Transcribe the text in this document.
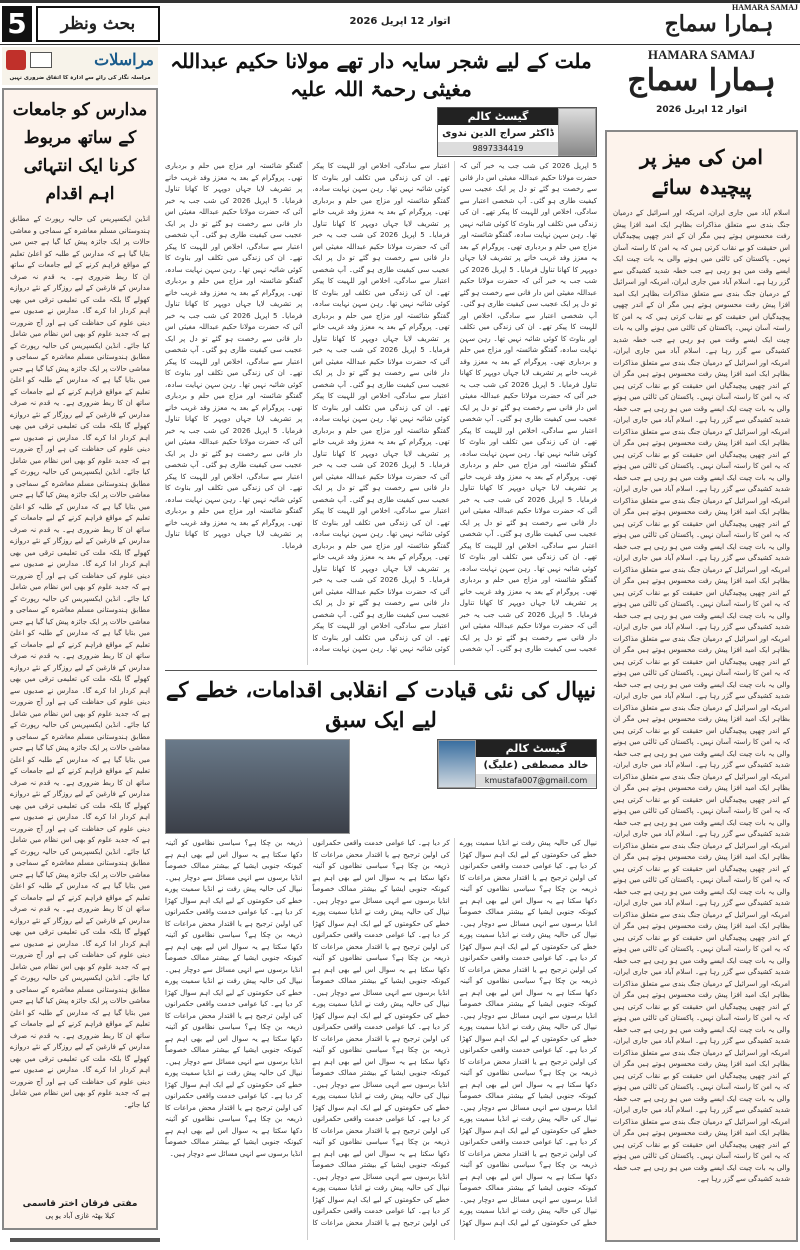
5	بحث ونظر	اتوار 12 اپریل 2026
HAMARA SAMAJ
ہمارا سماج
مراسلات
مراسلہ نگار کی رائے سے ادارہ کا اتفاق ضروری نہیں
مدارس کو جامعات کے ساتھ مربوط کرنا ایک انتہائی اہم اقدام
انڈین ایکسپریس کی حالیہ رپورٹ کے مطابق ہندوستانی مسلم معاشرہ کے سماجی و معاشی حالات پر ایک جائزہ پیش کیا گیا ہے جس میں بتایا گیا ہے کہ مدارس کے طلبہ کو اعلیٰ تعلیم کے مواقع فراہم کرنے کے لیے جامعات کے ساتھ ان کا ربط ضروری ہے۔ یہ قدم نہ صرف مدارس کے فارغین کے لیے روزگار کے نئے دروازے کھولے گا بلکہ ملت کی تعلیمی ترقی میں بھی اہم کردار ادا کرے گا۔ مدارس نے صدیوں سے دینی علوم کی حفاظت کی ہے اور آج ضرورت ہے کہ جدید علوم کو بھی اس نظام میں شامل کیا جائے۔ انڈین ایکسپریس کی حالیہ رپورٹ کے مطابق ہندوستانی مسلم معاشرہ کے سماجی و معاشی حالات پر ایک جائزہ پیش کیا گیا ہے جس میں بتایا گیا ہے کہ مدارس کے طلبہ کو اعلیٰ تعلیم کے مواقع فراہم کرنے کے لیے جامعات کے ساتھ ان کا ربط ضروری ہے۔ یہ قدم نہ صرف مدارس کے فارغین کے لیے روزگار کے نئے دروازے کھولے گا بلکہ ملت کی تعلیمی ترقی میں بھی اہم کردار ادا کرے گا۔ مدارس نے صدیوں سے دینی علوم کی حفاظت کی ہے اور آج ضرورت ہے کہ جدید علوم کو بھی اس نظام میں شامل کیا جائے۔ انڈین ایکسپریس کی حالیہ رپورٹ کے مطابق ہندوستانی مسلم معاشرہ کے سماجی و معاشی حالات پر ایک جائزہ پیش کیا گیا ہے جس میں بتایا گیا ہے کہ مدارس کے طلبہ کو اعلیٰ تعلیم کے مواقع فراہم کرنے کے لیے جامعات کے ساتھ ان کا ربط ضروری ہے۔ یہ قدم نہ صرف مدارس کے فارغین کے لیے روزگار کے نئے دروازے کھولے گا بلکہ ملت کی تعلیمی ترقی میں بھی اہم کردار ادا کرے گا۔ مدارس نے صدیوں سے دینی علوم کی حفاظت کی ہے اور آج ضرورت ہے کہ جدید علوم کو بھی اس نظام میں شامل کیا جائے۔ انڈین ایکسپریس کی حالیہ رپورٹ کے مطابق ہندوستانی مسلم معاشرہ کے سماجی و معاشی حالات پر ایک جائزہ پیش کیا گیا ہے جس میں بتایا گیا ہے کہ مدارس کے طلبہ کو اعلیٰ تعلیم کے مواقع فراہم کرنے کے لیے جامعات کے ساتھ ان کا ربط ضروری ہے۔ یہ قدم نہ صرف مدارس کے فارغین کے لیے روزگار کے نئے دروازے کھولے گا بلکہ ملت کی تعلیمی ترقی میں بھی اہم کردار ادا کرے گا۔ مدارس نے صدیوں سے دینی علوم کی حفاظت کی ہے اور آج ضرورت ہے کہ جدید علوم کو بھی اس نظام میں شامل کیا جائے۔ انڈین ایکسپریس کی حالیہ رپورٹ کے مطابق ہندوستانی مسلم معاشرہ کے سماجی و معاشی حالات پر ایک جائزہ پیش کیا گیا ہے جس میں بتایا گیا ہے کہ مدارس کے طلبہ کو اعلیٰ تعلیم کے مواقع فراہم کرنے کے لیے جامعات کے ساتھ ان کا ربط ضروری ہے۔ یہ قدم نہ صرف مدارس کے فارغین کے لیے روزگار کے نئے دروازے کھولے گا بلکہ ملت کی تعلیمی ترقی میں بھی اہم کردار ادا کرے گا۔ مدارس نے صدیوں سے دینی علوم کی حفاظت کی ہے اور آج ضرورت ہے کہ جدید علوم کو بھی اس نظام میں شامل کیا جائے۔ انڈین ایکسپریس کی حالیہ رپورٹ کے مطابق ہندوستانی مسلم معاشرہ کے سماجی و معاشی حالات پر ایک جائزہ پیش کیا گیا ہے جس میں بتایا گیا ہے کہ مدارس کے طلبہ کو اعلیٰ تعلیم کے مواقع فراہم کرنے کے لیے جامعات کے ساتھ ان کا ربط ضروری ہے۔ یہ قدم نہ صرف مدارس کے فارغین کے لیے روزگار کے نئے دروازے کھولے گا بلکہ ملت کی تعلیمی ترقی میں بھی اہم کردار ادا کرے گا۔ مدارس نے صدیوں سے دینی علوم کی حفاظت کی ہے اور آج ضرورت ہے کہ جدید علوم کو بھی اس نظام میں شامل کیا جائے۔ انڈین ایکسپریس کی حالیہ رپورٹ کے مطابق ہندوستانی مسلم معاشرہ کے سماجی و معاشی حالات پر ایک جائزہ پیش کیا گیا ہے جس میں بتایا گیا ہے کہ مدارس کے طلبہ کو اعلیٰ تعلیم کے مواقع فراہم کرنے کے لیے جامعات کے ساتھ ان کا ربط ضروری ہے۔ یہ قدم نہ صرف مدارس کے فارغین کے لیے روزگار کے نئے دروازے کھولے گا بلکہ ملت کی تعلیمی ترقی میں بھی اہم کردار ادا کرے گا۔ مدارس نے صدیوں سے دینی علوم کی حفاظت کی ہے اور آج ضرورت ہے کہ جدید علوم کو بھی اس نظام میں شامل کیا جائے۔
مفتی فرقان اختر قاسمی
کیلا بھٹہ غازی آباد یو پی
ملت کے لیے شجر سایہ دار تھے مولانا حکیم عبداللہ مغیثی رحمۃ اللہ علیہ
گیسٹ کالم
ڈاکٹر سراج الدین ندوی
9897334419
5 اپریل 2026 کی شب جب یہ خبر آئی کہ حضرت مولانا حکیم عبداللہ مغیثی اس دار فانی سے رخصت ہو گئے تو دل پر ایک عجیب سی کیفیت طاری ہو گئی۔ آپ شخصی اعتبار سے سادگی، اخلاص اور للہیت کا پیکر تھے۔ ان کی زندگی میں تکلف اور بناوٹ کا کوئی شائبہ نہیں تھا۔ رہن سہن نہایت سادہ، گفتگو شائستہ اور مزاج میں حلم و بردباری تھی۔ پروگرام کے بعد یہ معزز وفد غریب خانے پر تشریف لایا جہاں دوپہر کا کھانا تناول فرمایا۔ 5 اپریل 2026 کی شب جب یہ خبر آئی کہ حضرت مولانا حکیم عبداللہ مغیثی اس دار فانی سے رخصت ہو گئے تو دل پر ایک عجیب سی کیفیت طاری ہو گئی۔ آپ شخصی اعتبار سے سادگی، اخلاص اور للہیت کا پیکر تھے۔ ان کی زندگی میں تکلف اور بناوٹ کا کوئی شائبہ نہیں تھا۔ رہن سہن نہایت سادہ، گفتگو شائستہ اور مزاج میں حلم و بردباری تھی۔ پروگرام کے بعد یہ معزز وفد غریب خانے پر تشریف لایا جہاں دوپہر کا کھانا تناول فرمایا۔ 5 اپریل 2026 کی شب جب یہ خبر آئی کہ حضرت مولانا حکیم عبداللہ مغیثی اس دار فانی سے رخصت ہو گئے تو دل پر ایک عجیب سی کیفیت طاری ہو گئی۔ آپ شخصی اعتبار سے سادگی، اخلاص اور للہیت کا پیکر تھے۔ ان کی زندگی میں تکلف اور بناوٹ کا کوئی شائبہ نہیں تھا۔ رہن سہن نہایت سادہ، گفتگو شائستہ اور مزاج میں حلم و بردباری تھی۔ پروگرام کے بعد یہ معزز وفد غریب خانے پر تشریف لایا جہاں دوپہر کا کھانا تناول فرمایا۔ 5 اپریل 2026 کی شب جب یہ خبر آئی کہ حضرت مولانا حکیم عبداللہ مغیثی اس دار فانی سے رخصت ہو گئے تو دل پر ایک عجیب سی کیفیت طاری ہو گئی۔ آپ شخصی اعتبار سے سادگی، اخلاص اور للہیت کا پیکر تھے۔ ان کی زندگی میں تکلف اور بناوٹ کا کوئی شائبہ نہیں تھا۔ رہن سہن نہایت سادہ، گفتگو شائستہ اور مزاج میں حلم و بردباری تھی۔ پروگرام کے بعد یہ معزز وفد غریب خانے پر تشریف لایا جہاں دوپہر کا کھانا تناول فرمایا۔ 5 اپریل 2026 کی شب جب یہ خبر آئی کہ حضرت مولانا حکیم عبداللہ مغیثی اس دار فانی سے رخصت ہو گئے تو دل پر ایک عجیب سی کیفیت طاری ہو گئی۔ آپ شخصی اعتبار سے سادگی، اخلاص اور للہیت کا پیکر تھے۔ ان کی زندگی میں تکلف اور بناوٹ کا کوئی شائبہ نہیں تھا۔ رہن سہن نہایت سادہ، گفتگو شائستہ اور مزاج میں حلم و بردباری تھی۔ پروگرام کے بعد یہ معزز وفد غریب خانے پر تشریف لایا جہاں دوپہر کا کھانا تناول فرمایا۔ 5 اپریل 2026 کی شب جب یہ خبر آئی کہ حضرت مولانا حکیم عبداللہ مغیثی اس دار فانی سے رخصت ہو گئے تو دل پر ایک عجیب سی کیفیت طاری ہو گئی۔ آپ شخصی اعتبار سے سادگی، اخلاص اور للہیت کا پیکر تھے۔ ان کی زندگی میں تکلف اور بناوٹ کا کوئی شائبہ نہیں تھا۔ رہن سہن نہایت سادہ، گفتگو شائستہ اور مزاج میں حلم و بردباری تھی۔ پروگرام کے بعد یہ معزز وفد غریب خانے پر تشریف لایا جہاں دوپہر کا کھانا تناول فرمایا۔ 5 اپریل 2026 کی شب جب یہ خبر آئی کہ حضرت مولانا حکیم عبداللہ مغیثی اس دار فانی سے رخصت ہو گئے تو دل پر ایک عجیب سی کیفیت طاری ہو گئی۔ آپ شخصی اعتبار سے سادگی، اخلاص اور للہیت کا پیکر تھے۔ ان کی زندگی میں تکلف اور بناوٹ کا کوئی شائبہ نہیں تھا۔ رہن سہن نہایت سادہ، گفتگو شائستہ اور مزاج میں حلم و بردباری تھی۔ پروگرام کے بعد یہ معزز وفد غریب خانے پر تشریف لایا جہاں دوپہر کا کھانا تناول فرمایا۔ 5 اپریل 2026 کی شب جب یہ خبر آئی کہ حضرت مولانا حکیم عبداللہ مغیثی اس دار فانی سے رخصت ہو گئے تو دل پر ایک عجیب سی کیفیت طاری ہو گئی۔ آپ شخصی اعتبار سے سادگی، اخلاص اور للہیت کا پیکر تھے۔ ان کی زندگی میں تکلف اور بناوٹ کا کوئی شائبہ نہیں تھا۔ رہن سہن نہایت سادہ، گفتگو شائستہ اور مزاج میں حلم و بردباری تھی۔ پروگرام کے بعد یہ معزز وفد غریب خانے پر تشریف لایا جہاں دوپہر کا کھانا تناول فرمایا۔ 5 اپریل 2026 کی شب جب یہ خبر آئی کہ حضرت مولانا حکیم عبداللہ مغیثی اس دار فانی سے رخصت ہو گئے تو دل پر ایک عجیب سی کیفیت طاری ہو گئی۔ آپ شخصی اعتبار سے سادگی، اخلاص اور للہیت کا پیکر تھے۔ ان کی زندگی میں تکلف اور بناوٹ کا کوئی شائبہ نہیں تھا۔ رہن سہن نہایت سادہ، گفتگو شائستہ اور مزاج میں حلم و بردباری تھی۔ پروگرام کے بعد یہ معزز وفد غریب خانے پر تشریف لایا جہاں دوپہر کا کھانا تناول فرمایا۔ 5 اپریل 2026 کی شب جب یہ خبر آئی کہ حضرت مولانا حکیم عبداللہ مغیثی اس دار فانی سے رخصت ہو گئے تو دل پر ایک عجیب سی کیفیت طاری ہو گئی۔ آپ شخصی اعتبار سے سادگی، اخلاص اور للہیت کا پیکر تھے۔ ان کی زندگی میں تکلف اور بناوٹ کا کوئی شائبہ نہیں تھا۔ رہن سہن نہایت سادہ، گفتگو شائستہ اور مزاج میں حلم و بردباری تھی۔ پروگرام کے بعد یہ معزز وفد غریب خانے پر تشریف لایا جہاں دوپہر کا کھانا تناول فرمایا۔ 5 اپریل 2026 کی شب جب یہ خبر آئی کہ حضرت مولانا حکیم عبداللہ مغیثی اس دار فانی سے رخصت ہو گئے تو دل پر ایک عجیب سی کیفیت طاری ہو گئی۔ آپ شخصی اعتبار سے سادگی، اخلاص اور للہیت کا پیکر تھے۔ ان کی زندگی میں تکلف اور بناوٹ کا کوئی شائبہ نہیں تھا۔ رہن سہن نہایت سادہ، گفتگو شائستہ اور مزاج میں حلم و بردباری تھی۔ پروگرام کے بعد یہ معزز وفد غریب خانے پر تشریف لایا جہاں دوپہر کا کھانا تناول فرمایا۔ 5 اپریل 2026 کی شب جب یہ خبر آئی کہ حضرت مولانا حکیم عبداللہ مغیثی اس دار فانی سے رخصت ہو گئے تو دل پر ایک عجیب سی کیفیت طاری ہو گئی۔ آپ شخصی اعتبار سے سادگی، اخلاص اور للہیت کا پیکر تھے۔ ان کی زندگی میں تکلف اور بناوٹ کا کوئی شائبہ نہیں تھا۔ رہن سہن نہایت سادہ، گفتگو شائستہ اور مزاج میں حلم و بردباری تھی۔ پروگرام کے بعد یہ معزز وفد غریب خانے پر تشریف لایا جہاں دوپہر کا کھانا تناول فرمایا۔
نیپال کی نئی قیادت کے انقلابی اقدامات، خطے کے لیے ایک سبق
گیسٹ کالم
خالد مصطفی (علیگ)
kmustafa007@gmail.com
نیپال کی حالیہ پیش رفت نے انڈیا سمیت پورے خطے کی حکومتوں کے لیے ایک اہم سوال کھڑا کر دیا ہے۔ کیا عوامی خدمت واقعی حکمرانوں کی اولین ترجیح ہے یا اقتدار محض مراعات کا ذریعہ بن چکا ہے؟ سیاسی نظاموں کو آئینہ دکھا سکتا ہے یہ سوال اس لیے بھی اہم ہے کیونکہ جنوبی ایشیا کے بیشتر ممالک خصوصاً انڈیا برسوں سے انہی مسائل سے دوچار ہیں۔ نیپال کی حالیہ پیش رفت نے انڈیا سمیت پورے خطے کی حکومتوں کے لیے ایک اہم سوال کھڑا کر دیا ہے۔ کیا عوامی خدمت واقعی حکمرانوں کی اولین ترجیح ہے یا اقتدار محض مراعات کا ذریعہ بن چکا ہے؟ سیاسی نظاموں کو آئینہ دکھا سکتا ہے یہ سوال اس لیے بھی اہم ہے کیونکہ جنوبی ایشیا کے بیشتر ممالک خصوصاً انڈیا برسوں سے انہی مسائل سے دوچار ہیں۔ نیپال کی حالیہ پیش رفت نے انڈیا سمیت پورے خطے کی حکومتوں کے لیے ایک اہم سوال کھڑا کر دیا ہے۔ کیا عوامی خدمت واقعی حکمرانوں کی اولین ترجیح ہے یا اقتدار محض مراعات کا ذریعہ بن چکا ہے؟ سیاسی نظاموں کو آئینہ دکھا سکتا ہے یہ سوال اس لیے بھی اہم ہے کیونکہ جنوبی ایشیا کے بیشتر ممالک خصوصاً انڈیا برسوں سے انہی مسائل سے دوچار ہیں۔ نیپال کی حالیہ پیش رفت نے انڈیا سمیت پورے خطے کی حکومتوں کے لیے ایک اہم سوال کھڑا کر دیا ہے۔ کیا عوامی خدمت واقعی حکمرانوں کی اولین ترجیح ہے یا اقتدار محض مراعات کا ذریعہ بن چکا ہے؟ سیاسی نظاموں کو آئینہ دکھا سکتا ہے یہ سوال اس لیے بھی اہم ہے کیونکہ جنوبی ایشیا کے بیشتر ممالک خصوصاً انڈیا برسوں سے انہی مسائل سے دوچار ہیں۔ نیپال کی حالیہ پیش رفت نے انڈیا سمیت پورے خطے کی حکومتوں کے لیے ایک اہم سوال کھڑا کر دیا ہے۔ کیا عوامی خدمت واقعی حکمرانوں کی اولین ترجیح ہے یا اقتدار محض مراعات کا ذریعہ بن چکا ہے؟ سیاسی نظاموں کو آئینہ دکھا سکتا ہے یہ سوال اس لیے بھی اہم ہے کیونکہ جنوبی ایشیا کے بیشتر ممالک خصوصاً انڈیا برسوں سے انہی مسائل سے دوچار ہیں۔ نیپال کی حالیہ پیش رفت نے انڈیا سمیت پورے خطے کی حکومتوں کے لیے ایک اہم سوال کھڑا کر دیا ہے۔ کیا عوامی خدمت واقعی حکمرانوں کی اولین ترجیح ہے یا اقتدار محض مراعات کا ذریعہ بن چکا ہے؟ سیاسی نظاموں کو آئینہ دکھا سکتا ہے یہ سوال اس لیے بھی اہم ہے کیونکہ جنوبی ایشیا کے بیشتر ممالک خصوصاً انڈیا برسوں سے انہی مسائل سے دوچار ہیں۔ نیپال کی حالیہ پیش رفت نے انڈیا سمیت پورے خطے کی حکومتوں کے لیے ایک اہم سوال کھڑا کر دیا ہے۔ کیا عوامی خدمت واقعی حکمرانوں کی اولین ترجیح ہے یا اقتدار محض مراعات کا ذریعہ بن چکا ہے؟ سیاسی نظاموں کو آئینہ دکھا سکتا ہے یہ سوال اس لیے بھی اہم ہے کیونکہ جنوبی ایشیا کے بیشتر ممالک خصوصاً انڈیا برسوں سے انہی مسائل سے دوچار ہیں۔ نیپال کی حالیہ پیش رفت نے انڈیا سمیت پورے خطے کی حکومتوں کے لیے ایک اہم سوال کھڑا کر دیا ہے۔ کیا عوامی خدمت واقعی حکمرانوں کی اولین ترجیح ہے یا اقتدار محض مراعات کا ذریعہ بن چکا ہے؟ سیاسی نظاموں کو آئینہ دکھا سکتا ہے یہ سوال اس لیے بھی اہم ہے کیونکہ جنوبی ایشیا کے بیشتر ممالک خصوصاً انڈیا برسوں سے انہی مسائل سے دوچار ہیں۔ نیپال کی حالیہ پیش رفت نے انڈیا سمیت پورے خطے کی حکومتوں کے لیے ایک اہم سوال کھڑا کر دیا ہے۔ کیا عوامی خدمت واقعی حکمرانوں کی اولین ترجیح ہے یا اقتدار محض مراعات کا ذریعہ بن چکا ہے؟ سیاسی نظاموں کو آئینہ دکھا سکتا ہے یہ سوال اس لیے بھی اہم ہے کیونکہ جنوبی ایشیا کے بیشتر ممالک خصوصاً انڈیا برسوں سے انہی مسائل سے دوچار ہیں۔ نیپال کی حالیہ پیش رفت نے انڈیا سمیت پورے خطے کی حکومتوں کے لیے ایک اہم سوال کھڑا کر دیا ہے۔ کیا عوامی خدمت واقعی حکمرانوں کی اولین ترجیح ہے یا اقتدار محض مراعات کا ذریعہ بن چکا ہے؟ سیاسی نظاموں کو آئینہ دکھا سکتا ہے یہ سوال اس لیے بھی اہم ہے کیونکہ جنوبی ایشیا کے بیشتر ممالک خصوصاً انڈیا برسوں سے انہی مسائل سے دوچار ہیں۔ نیپال کی حالیہ پیش رفت نے انڈیا سمیت پورے خطے کی حکومتوں کے لیے ایک اہم سوال کھڑا کر دیا ہے۔ کیا عوامی خدمت واقعی حکمرانوں کی اولین ترجیح ہے یا اقتدار محض مراعات کا ذریعہ بن چکا ہے؟ سیاسی نظاموں کو آئینہ دکھا سکتا ہے یہ سوال اس لیے بھی اہم ہے کیونکہ جنوبی ایشیا کے بیشتر ممالک خصوصاً انڈیا برسوں سے انہی مسائل سے دوچار ہیں۔ نیپال کی حالیہ پیش رفت نے انڈیا سمیت پورے خطے کی حکومتوں کے لیے ایک اہم سوال کھڑا کر دیا ہے۔ کیا عوامی خدمت واقعی حکمرانوں کی اولین ترجیح ہے یا اقتدار محض مراعات کا ذریعہ بن چکا ہے؟ سیاسی نظاموں کو آئینہ دکھا سکتا ہے یہ سوال اس لیے بھی اہم ہے کیونکہ جنوبی ایشیا کے بیشتر ممالک خصوصاً انڈیا برسوں سے انہی مسائل سے دوچار ہیں۔
HAMARA SAMAJ
ہمارا سماج
اتوار 12 اپریل 2026
امن کی میز پر پیچیدہ سائے
اسلام آباد میں جاری ایران، امریکہ اور اسرائیل کے درمیان جنگ بندی سے متعلق مذاکرات بظاہر ایک امید افزا پیش رفت محسوس ہوتے ہیں مگر ان کے اندر چھپی پیچیدگیاں اس حقیقت کو بے نقاب کرتی ہیں کہ یہ امن کا راستہ آسان نہیں۔ پاکستان کی ثالثی میں ہونے والی یہ بات چیت ایک ایسے وقت میں ہو رہی ہے جب خطہ شدید کشیدگی سے گزر رہا ہے۔ اسلام آباد میں جاری ایران، امریکہ اور اسرائیل کے درمیان جنگ بندی سے متعلق مذاکرات بظاہر ایک امید افزا پیش رفت محسوس ہوتے ہیں مگر ان کے اندر چھپی پیچیدگیاں اس حقیقت کو بے نقاب کرتی ہیں کہ یہ امن کا راستہ آسان نہیں۔ پاکستان کی ثالثی میں ہونے والی یہ بات چیت ایک ایسے وقت میں ہو رہی ہے جب خطہ شدید کشیدگی سے گزر رہا ہے۔ اسلام آباد میں جاری ایران، امریکہ اور اسرائیل کے درمیان جنگ بندی سے متعلق مذاکرات بظاہر ایک امید افزا پیش رفت محسوس ہوتے ہیں مگر ان کے اندر چھپی پیچیدگیاں اس حقیقت کو بے نقاب کرتی ہیں کہ یہ امن کا راستہ آسان نہیں۔ پاکستان کی ثالثی میں ہونے والی یہ بات چیت ایک ایسے وقت میں ہو رہی ہے جب خطہ شدید کشیدگی سے گزر رہا ہے۔ اسلام آباد میں جاری ایران، امریکہ اور اسرائیل کے درمیان جنگ بندی سے متعلق مذاکرات بظاہر ایک امید افزا پیش رفت محسوس ہوتے ہیں مگر ان کے اندر چھپی پیچیدگیاں اس حقیقت کو بے نقاب کرتی ہیں کہ یہ امن کا راستہ آسان نہیں۔ پاکستان کی ثالثی میں ہونے والی یہ بات چیت ایک ایسے وقت میں ہو رہی ہے جب خطہ شدید کشیدگی سے گزر رہا ہے۔ اسلام آباد میں جاری ایران، امریکہ اور اسرائیل کے درمیان جنگ بندی سے متعلق مذاکرات بظاہر ایک امید افزا پیش رفت محسوس ہوتے ہیں مگر ان کے اندر چھپی پیچیدگیاں اس حقیقت کو بے نقاب کرتی ہیں کہ یہ امن کا راستہ آسان نہیں۔ پاکستان کی ثالثی میں ہونے والی یہ بات چیت ایک ایسے وقت میں ہو رہی ہے جب خطہ شدید کشیدگی سے گزر رہا ہے۔ اسلام آباد میں جاری ایران، امریکہ اور اسرائیل کے درمیان جنگ بندی سے متعلق مذاکرات بظاہر ایک امید افزا پیش رفت محسوس ہوتے ہیں مگر ان کے اندر چھپی پیچیدگیاں اس حقیقت کو بے نقاب کرتی ہیں کہ یہ امن کا راستہ آسان نہیں۔ پاکستان کی ثالثی میں ہونے والی یہ بات چیت ایک ایسے وقت میں ہو رہی ہے جب خطہ شدید کشیدگی سے گزر رہا ہے۔ اسلام آباد میں جاری ایران، امریکہ اور اسرائیل کے درمیان جنگ بندی سے متعلق مذاکرات بظاہر ایک امید افزا پیش رفت محسوس ہوتے ہیں مگر ان کے اندر چھپی پیچیدگیاں اس حقیقت کو بے نقاب کرتی ہیں کہ یہ امن کا راستہ آسان نہیں۔ پاکستان کی ثالثی میں ہونے والی یہ بات چیت ایک ایسے وقت میں ہو رہی ہے جب خطہ شدید کشیدگی سے گزر رہا ہے۔ اسلام آباد میں جاری ایران، امریکہ اور اسرائیل کے درمیان جنگ بندی سے متعلق مذاکرات بظاہر ایک امید افزا پیش رفت محسوس ہوتے ہیں مگر ان کے اندر چھپی پیچیدگیاں اس حقیقت کو بے نقاب کرتی ہیں کہ یہ امن کا راستہ آسان نہیں۔ پاکستان کی ثالثی میں ہونے والی یہ بات چیت ایک ایسے وقت میں ہو رہی ہے جب خطہ شدید کشیدگی سے گزر رہا ہے۔ اسلام آباد میں جاری ایران، امریکہ اور اسرائیل کے درمیان جنگ بندی سے متعلق مذاکرات بظاہر ایک امید افزا پیش رفت محسوس ہوتے ہیں مگر ان کے اندر چھپی پیچیدگیاں اس حقیقت کو بے نقاب کرتی ہیں کہ یہ امن کا راستہ آسان نہیں۔ پاکستان کی ثالثی میں ہونے والی یہ بات چیت ایک ایسے وقت میں ہو رہی ہے جب خطہ شدید کشیدگی سے گزر رہا ہے۔ اسلام آباد میں جاری ایران، امریکہ اور اسرائیل کے درمیان جنگ بندی سے متعلق مذاکرات بظاہر ایک امید افزا پیش رفت محسوس ہوتے ہیں مگر ان کے اندر چھپی پیچیدگیاں اس حقیقت کو بے نقاب کرتی ہیں کہ یہ امن کا راستہ آسان نہیں۔ پاکستان کی ثالثی میں ہونے والی یہ بات چیت ایک ایسے وقت میں ہو رہی ہے جب خطہ شدید کشیدگی سے گزر رہا ہے۔ اسلام آباد میں جاری ایران، امریکہ اور اسرائیل کے درمیان جنگ بندی سے متعلق مذاکرات بظاہر ایک امید افزا پیش رفت محسوس ہوتے ہیں مگر ان کے اندر چھپی پیچیدگیاں اس حقیقت کو بے نقاب کرتی ہیں کہ یہ امن کا راستہ آسان نہیں۔ پاکستان کی ثالثی میں ہونے والی یہ بات چیت ایک ایسے وقت میں ہو رہی ہے جب خطہ شدید کشیدگی سے گزر رہا ہے۔ اسلام آباد میں جاری ایران، امریکہ اور اسرائیل کے درمیان جنگ بندی سے متعلق مذاکرات بظاہر ایک امید افزا پیش رفت محسوس ہوتے ہیں مگر ان کے اندر چھپی پیچیدگیاں اس حقیقت کو بے نقاب کرتی ہیں کہ یہ امن کا راستہ آسان نہیں۔ پاکستان کی ثالثی میں ہونے والی یہ بات چیت ایک ایسے وقت میں ہو رہی ہے جب خطہ شدید کشیدگی سے گزر رہا ہے۔ اسلام آباد میں جاری ایران، امریکہ اور اسرائیل کے درمیان جنگ بندی سے متعلق مذاکرات بظاہر ایک امید افزا پیش رفت محسوس ہوتے ہیں مگر ان کے اندر چھپی پیچیدگیاں اس حقیقت کو بے نقاب کرتی ہیں کہ یہ امن کا راستہ آسان نہیں۔ پاکستان کی ثالثی میں ہونے والی یہ بات چیت ایک ایسے وقت میں ہو رہی ہے جب خطہ شدید کشیدگی سے گزر رہا ہے۔ اسلام آباد میں جاری ایران، امریکہ اور اسرائیل کے درمیان جنگ بندی سے متعلق مذاکرات بظاہر ایک امید افزا پیش رفت محسوس ہوتے ہیں مگر ان کے اندر چھپی پیچیدگیاں اس حقیقت کو بے نقاب کرتی ہیں کہ یہ امن کا راستہ آسان نہیں۔ پاکستان کی ثالثی میں ہونے والی یہ بات چیت ایک ایسے وقت میں ہو رہی ہے جب خطہ شدید کشیدگی سے گزر رہا ہے۔
